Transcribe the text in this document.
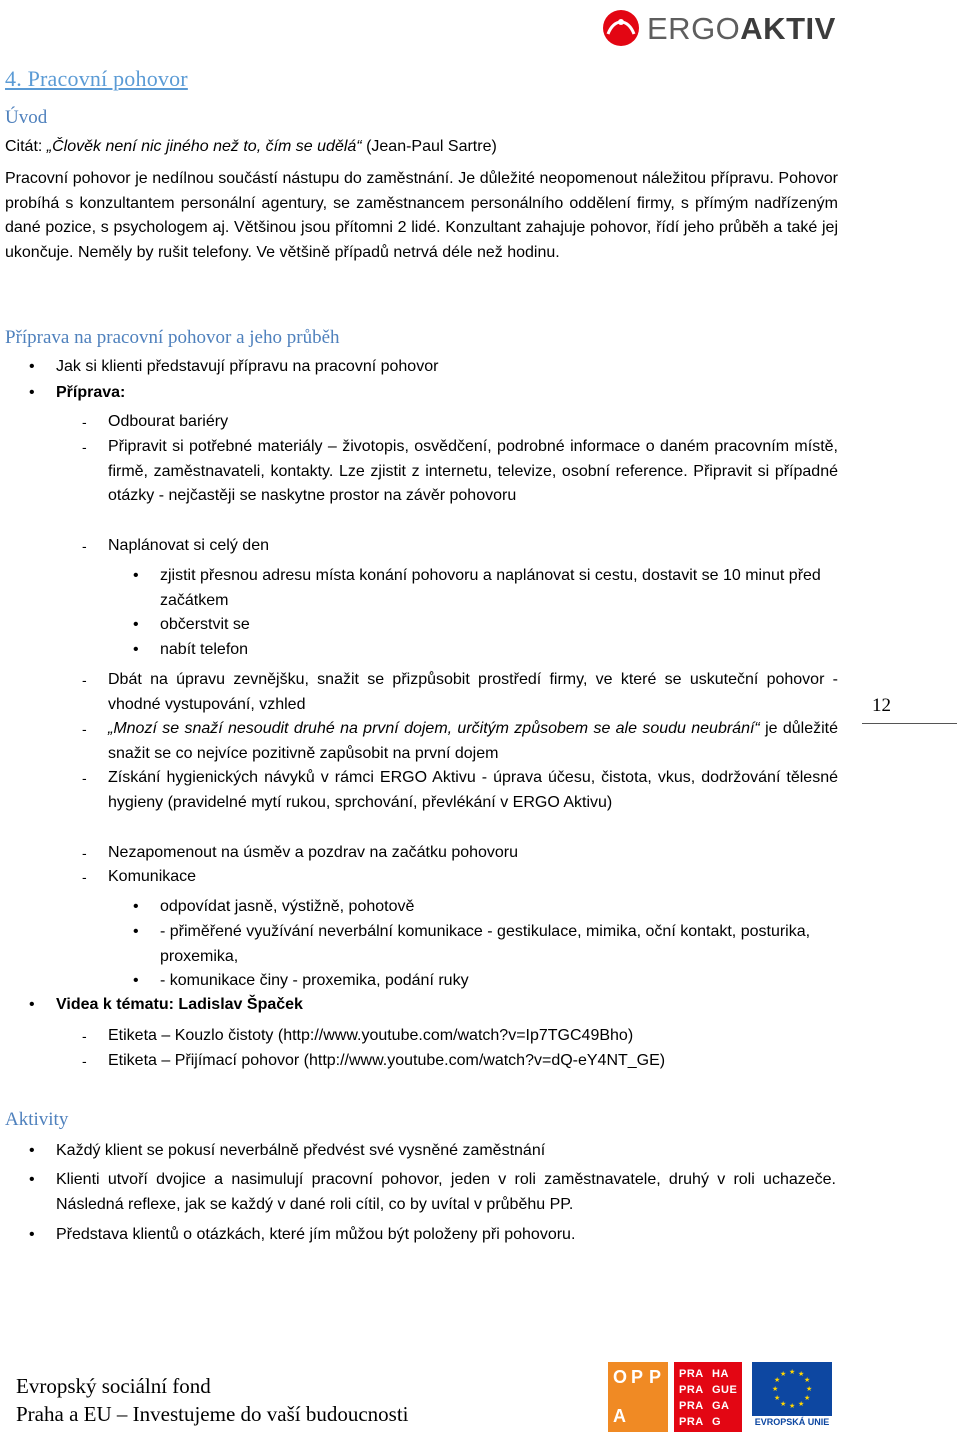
ERGOAKTIV
4. Pracovní pohovor
Úvod
Citát: „Člověk není nic jiného než to, čím se udělá“ (Jean-Paul Sartre)
Pracovní pohovor je nedílnou součástí nástupu do zaměstnání. Je důležité neopomenout náležitou přípravu. Pohovor probíhá s konzultantem personální agentury, se zaměstnancem personálního oddělení firmy, s přímým nadřízeným dané pozice, s psychologem aj. Většinou jsou přítomni 2 lidé. Konzultant zahajuje pohovor, řídí jeho průběh a také jej ukončuje. Neměly by rušit telefony. Ve většině případů netrvá déle než hodinu.
Příprava na pracovní pohovor a jeho průběh
• Jak si klienti představují přípravu na pracovní pohovor
• Příprava:
- Odbourat bariéry
- Připravit si potřebné materiály – životopis, osvědčení, podrobné informace o daném pracovním místě, firmě, zaměstnavateli, kontakty. Lze zjistit z internetu, televize, osobní reference. Připravit si případné otázky - nejčastěji se naskytne prostor na závěr pohovoru
- Naplánovat si celý den
• zjistit přesnou adresu místa konání pohovoru a naplánovat si cestu, dostavit se 10 minut před začátkem
• občerstvit se
• nabít telefon
- Dbát na úpravu zevnějšku, snažit se přizpůsobit prostředí firmy, ve které se uskuteční pohovor - vhodné vystupování, vzhled
- „Mnozí se snaží nesoudit druhé na první dojem, určitým způsobem se ale soudu neubrání“ je důležité snažit se co nejvíce pozitivně zapůsobit na první dojem
- Získání hygienických návyků v rámci ERGO Aktivu - úprava účesu, čistota, vkus, dodržování tělesné hygieny (pravidelné mytí rukou, sprchování, převlékání v ERGO Aktivu)
- Nezapomenout na úsměv a pozdrav na začátku pohovoru
- Komunikace
• odpovídat jasně, výstižně, pohotově
• - přiměřené využívání neverbální komunikace - gestikulace, mimika, oční kontakt, posturika, proxemika,
• - komunikace činy - proxemika, podání ruky
• Videa k tématu: Ladislav Špaček
- Etiketa – Kouzlo čistoty (http://www.youtube.com/watch?v=Ip7TGC49Bho)
- Etiketa – Přijímací pohovor (http://www.youtube.com/watch?v=dQ-eY4NT_GE)
Aktivity
• Každý klient se pokusí neverbálně předvést své vysněné zaměstnání
• Klienti utvoří dvojice a nasimulují pracovní pohovor, jeden v roli zaměstnavatele, druhý v roli uchazeče. Následná reflexe, jak se každý v dané roli cítil, co by uvítal v průběhu PP.
• Představa klientů o otázkách, které jím můžou být položeny při pohovoru.
12
Evropský sociální fond
Praha a EU – Investujeme do vaší budoucnosti
O P P
A
PRA HA
PRA GUE
PRA GA
PRA G
★ ★
★
★
★
★
★
★
★
★
★
★
EVROPSKÁ UNIE
